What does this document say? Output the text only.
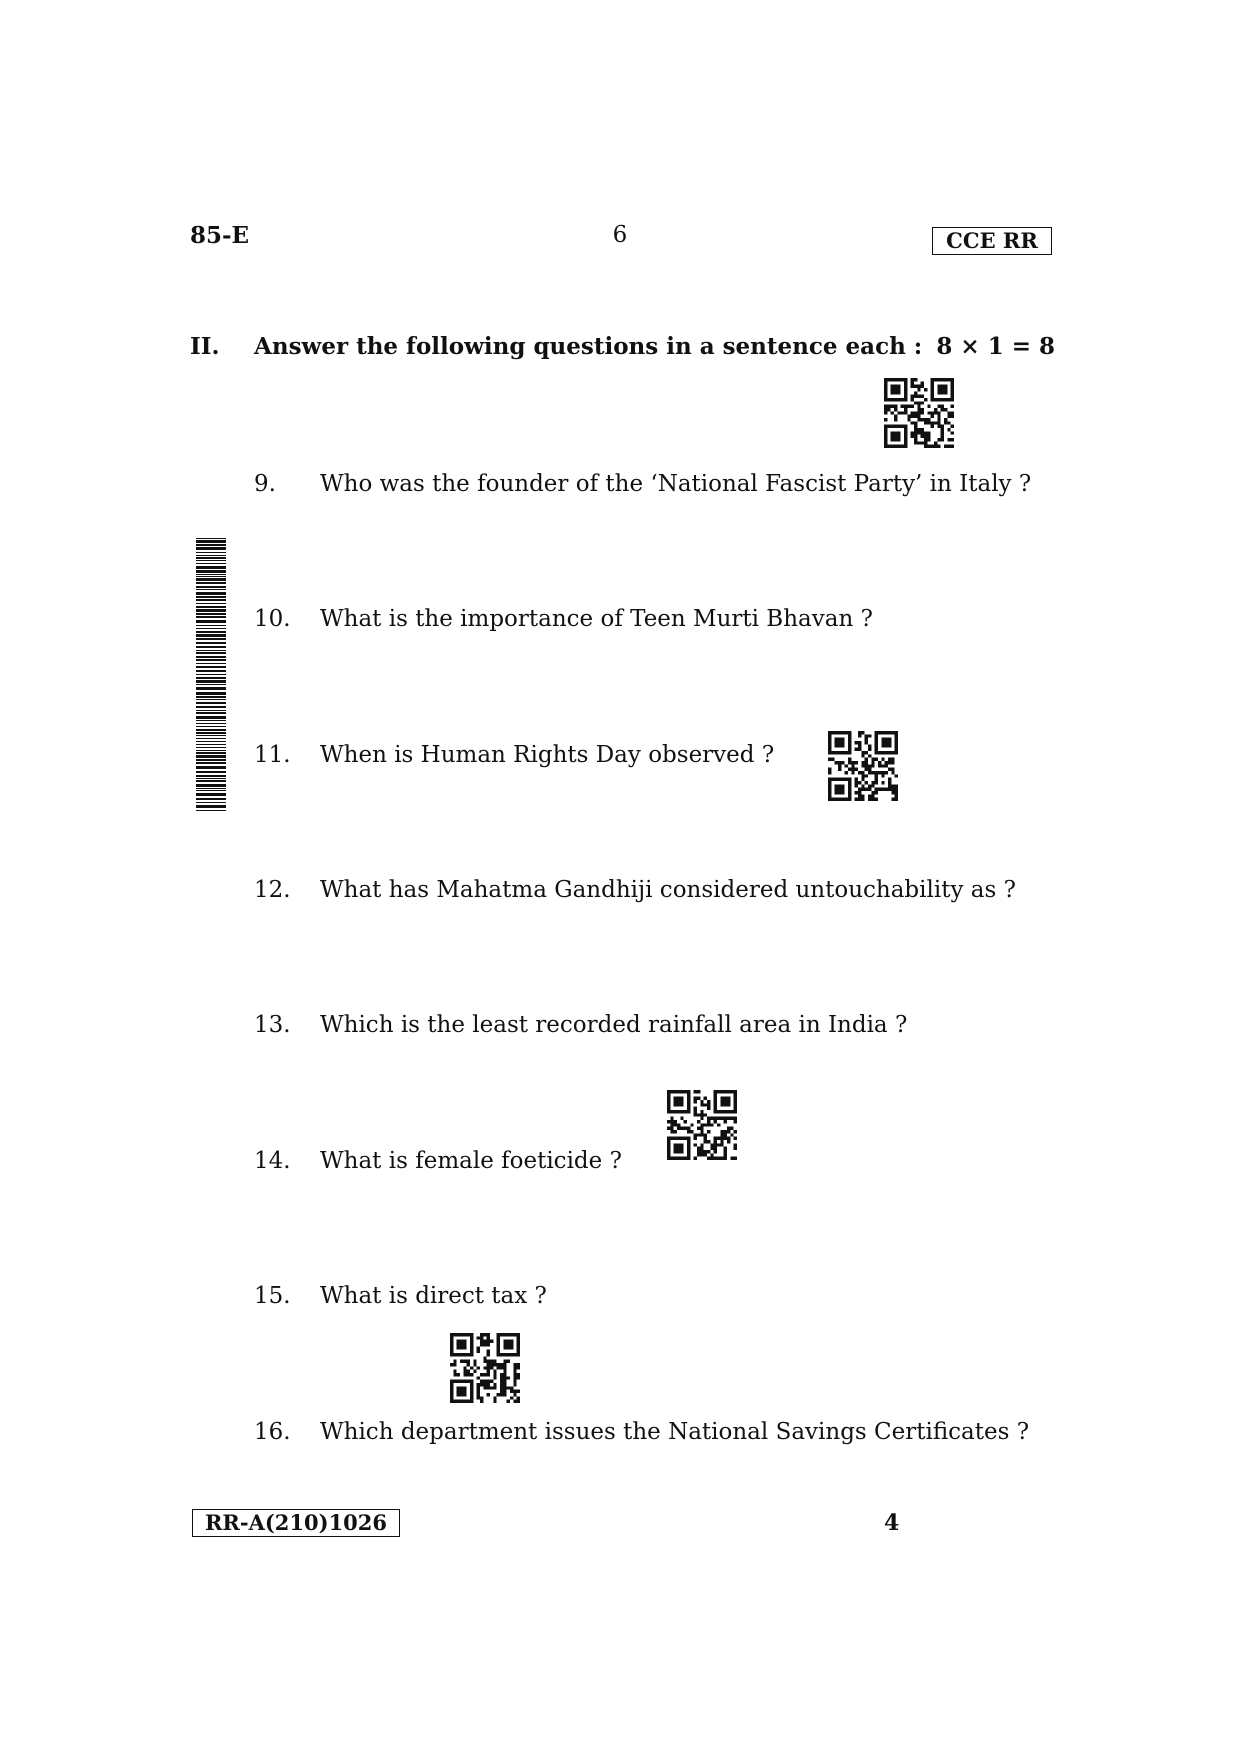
85-E	6	CCE RR
II. Answer the following questions in a sentence each : 8 × 1 = 8
9. Who was the founder of the ‘National Fascist Party’ in Italy ?
10. What is the importance of Teen Murti Bhavan ?
11. When is Human Rights Day observed ?
12. What has Mahatma Gandhiji considered untouchability as ?
13. Which is the least recorded rainfall area in India ?
14. What is female foeticide ?
15. What is direct tax ?
16. Which department issues the National Savings Certificates ?
RR-A(210)1026	4
